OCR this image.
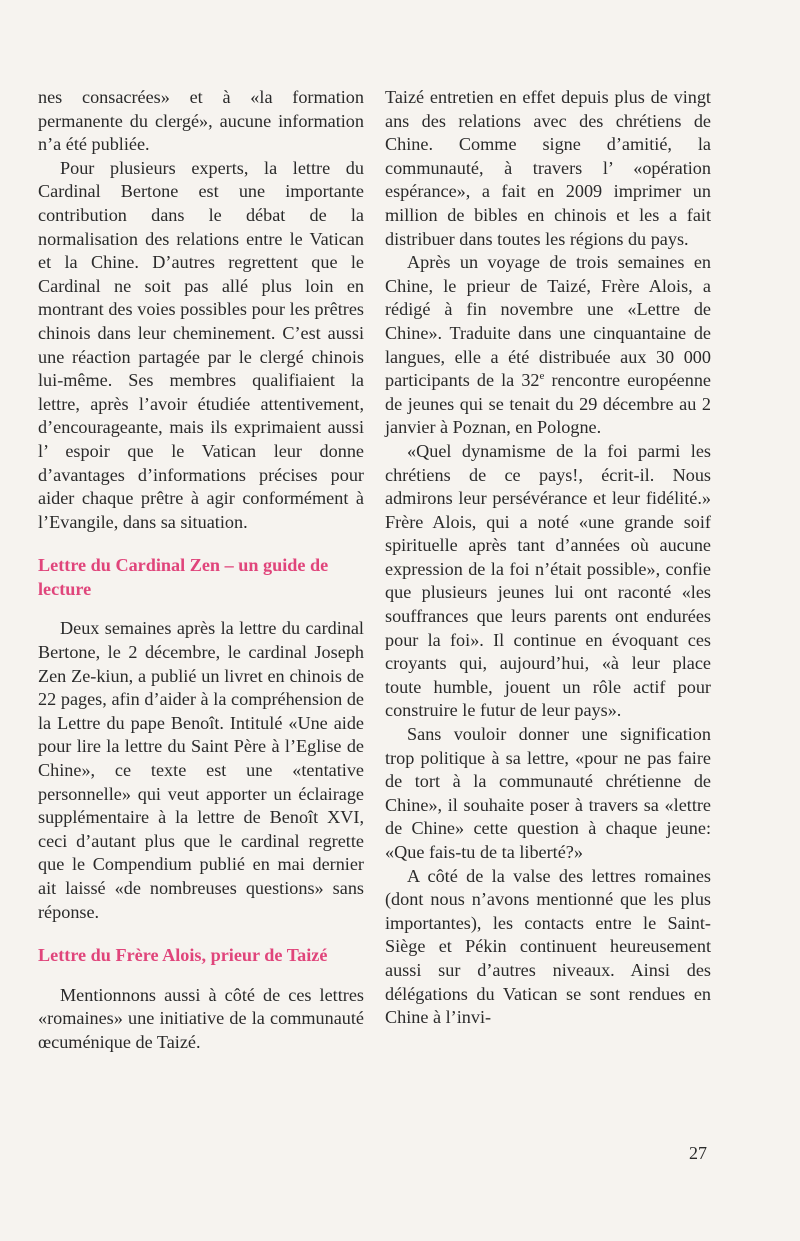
nes consacrées» et à «la formation permanente du clergé», aucune information n’a été publiée.

Pour plusieurs experts, la lettre du Cardinal Bertone est une importante contribution dans le débat de la normalisation des relations entre le Vatican et la Chine. D’autres regrettent que le Cardinal ne soit pas allé plus loin en montrant des voies possibles pour les prêtres chinois dans leur cheminement. C’est aussi une réaction partagée par le clergé chinois lui-même. Ses membres qualifiaient la lettre, après l’avoir étudiée attentivement, d’encourageante, mais ils exprimaient aussi l’ espoir que le Vatican leur donne d’avantages d’informations précises pour aider chaque prêtre à agir conformément à l’Evangile, dans sa situation.

Lettre du Cardinal Zen – un guide de lecture

Deux semaines après la lettre du cardinal Bertone, le 2 décembre, le cardinal Joseph Zen Ze-kiun, a publié un livret en chinois de 22 pages, afin d’aider à la compréhension de la Lettre du pape Benoît. Intitulé «Une aide pour lire la lettre du Saint Père à l’Eglise de Chine», ce texte est une «tentative personnelle» qui veut apporter un éclairage supplémentaire à la lettre de Benoît XVI, ceci d’autant plus que le cardinal regrette que le Compendium publié en mai dernier ait laissé «de nombreuses questions» sans réponse.

Lettre du Frère Alois, prieur de Taizé

Mentionnons aussi à côté de ces lettres «romaines» une initiative de la communauté œcuménique de Taizé.

Taizé entretien en effet depuis plus de vingt ans des relations avec des chrétiens de Chine. Comme signe d’amitié, la communauté, à travers l’ «opération espérance», a fait en 2009 imprimer un million de bibles en chinois et les a fait distribuer dans toutes les régions du pays.

Après un voyage de trois semaines en Chine, le prieur de Taizé, Frère Alois, a rédigé à fin novembre une «Lettre de Chine». Traduite dans une cinquantaine de langues, elle a été distribuée aux 30 000 participants de la 32e rencontre européenne de jeunes qui se tenait du 29 décembre au 2 janvier à Poznan, en Pologne.

«Quel dynamisme de la foi parmi les chrétiens de ce pays!, écrit-il. Nous admirons leur persévérance et leur fidélité.» Frère Alois, qui a noté «une grande soif spirituelle après tant d’années où aucune expression de la foi n’était possible», confie que plusieurs jeunes lui ont raconté «les souffrances que leurs parents ont endurées pour la foi». Il continue en évoquant ces croyants qui, aujourd’hui, «à leur place toute humble, jouent un rôle actif pour construire le futur de leur pays».

Sans vouloir donner une signification trop politique à sa lettre, «pour ne pas faire de tort à la communauté chrétienne de Chine», il souhaite poser à travers sa «lettre de Chine» cette question à chaque jeune: «Que fais-tu de ta liberté?»

A côté de la valse des lettres romaines (dont nous n’avons mentionné que les plus importantes), les contacts entre le Saint-Siège et Pékin continuent heureusement aussi sur d’autres niveaux. Ainsi des délégations du Vatican se sont rendues en Chine à l’invi-

27
